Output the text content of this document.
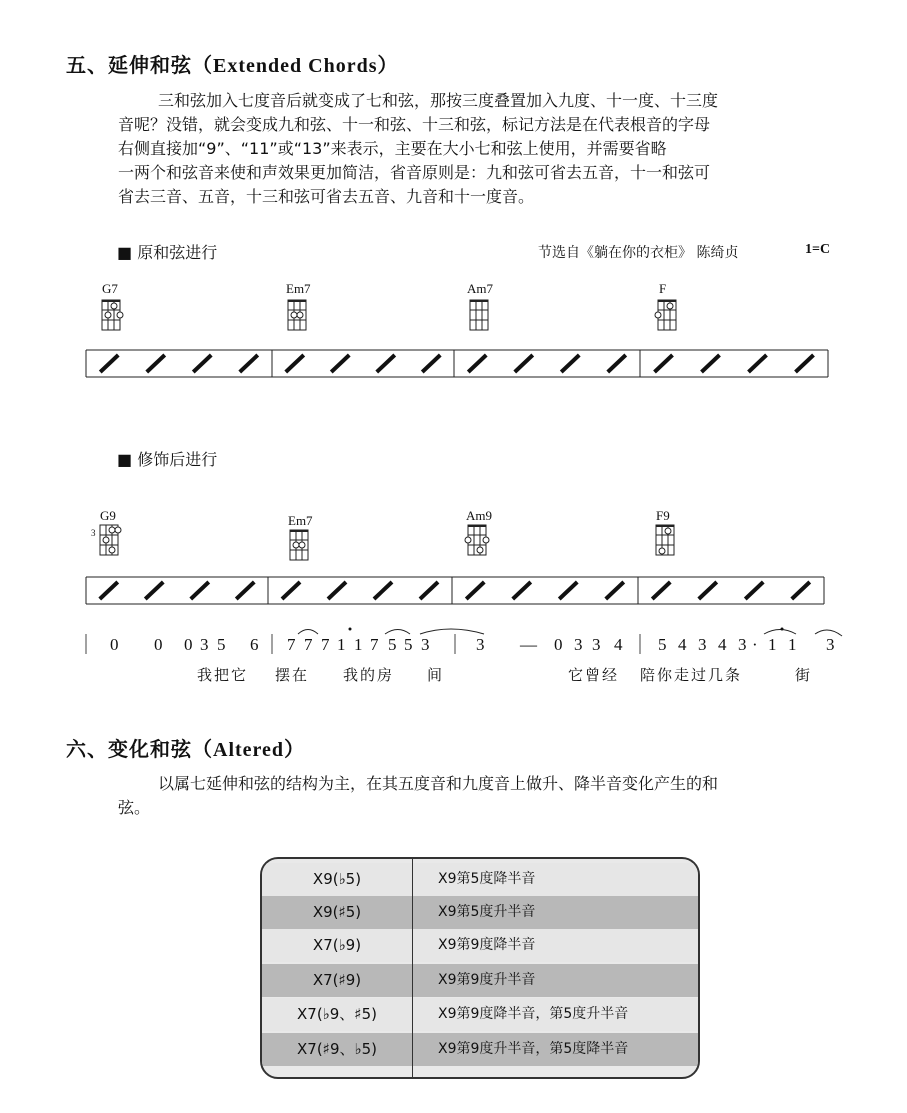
五、延伸和弦（Extended Chords）
三和弦加入七度音后就变成了七和弦，那按三度叠置加入九度、十一度、十三度
音呢？没错，就会变成九和弦、十一和弦、十三和弦，标记方法是在代表根音的字母
右侧直接加“9”、“11”或“13”来表示，主要在大小七和弦上使用，并需要省略
一两个和弦音来使和声效果更加简洁，省音原则是：九和弦可省去五音，十一和弦可
省去三音、五音，十三和弦可省去五音、九音和十一度音。
■ 原和弦进行	节选自《躺在你的衣柜》 陈绮贞	1=C
G7	Em7	Am7	F
■ 修饰后进行
G9	Em7	Am9	F9
3
0 0 0 3 5 6 7 7 7 1 1 7 5 5 3	3 — 0 3 3 4 5 4 3 4 3 · 1 1 3
我把它 摆在 我的房 间	它曾经 陪你走过几条	街
六、变化和弦（Altered）
以属七延伸和弦的结构为主，在其五度音和九度音上做升、降半音变化产生的和
弦。
X9(♭5)	X9第5度降半音
X9(♯5)	X9第5度升半音
X7(♭9)	X9第9度降半音
X7(♯9)	X9第9度升半音
X7(♭9、♯5)	X9第9度降半音，第5度升半音
X7(♯9、♭5)	X9第9度升半音，第5度降半音
